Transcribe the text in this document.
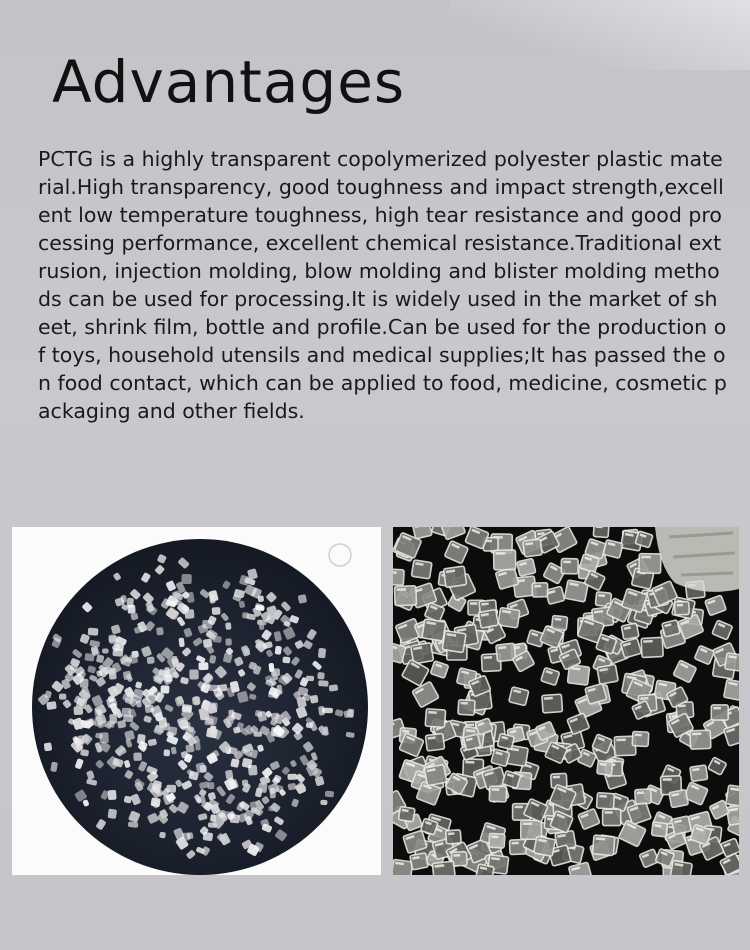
Advantages

PCTG is a highly transparent copolymerized polyester plastic material.High transparency, good toughness and impact strength,excellent low temperature toughness, high tear resistance and good processing performance, excellent chemical resistance.Traditional extrusion, injection molding, blow molding and blister molding methods can be used for processing.It is widely used in the market of sheet, shrink film, bottle and profile.Can be used for the production of toys, household utensils and medical supplies;It has passed the on food contact, which can be applied to food, medicine, cosmetic packaging and other fields.
